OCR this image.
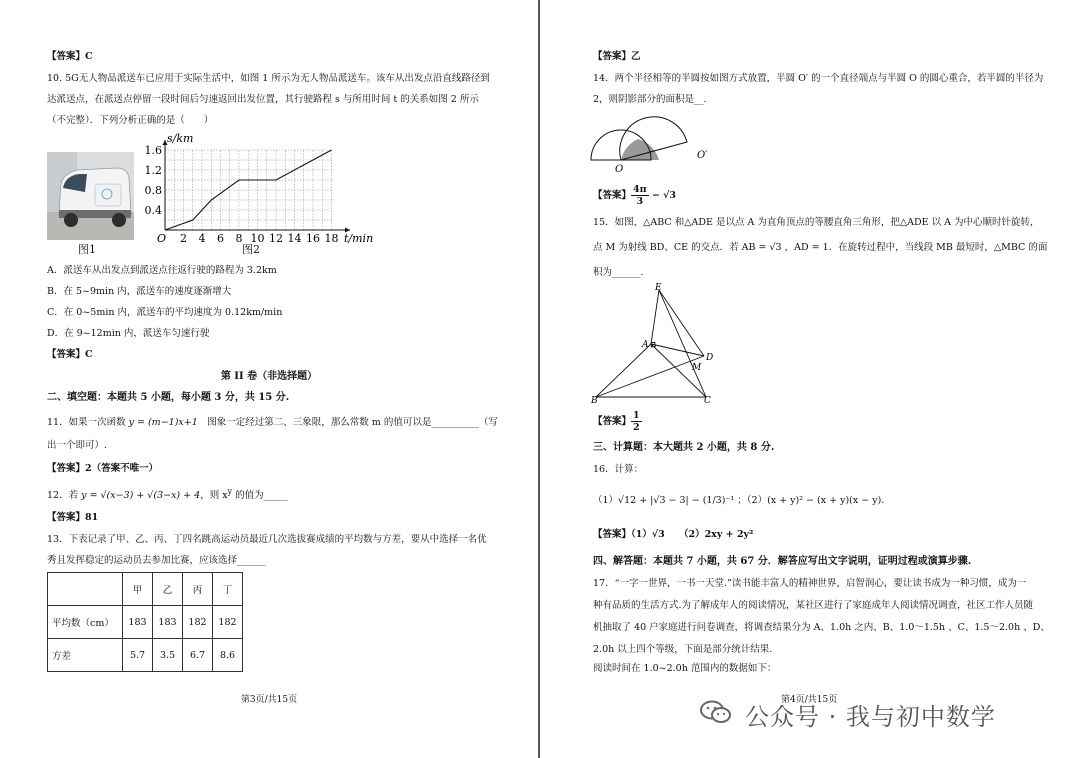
【答案】C
10. 5G无人物品派送车已应用于实际生活中，如图 1 所示为无人物品派送车。该车从出发点沿直线路径到
达派送点，在派送点停留一段时间后匀速返回出发位置，其行驶路程 s 与所用时间 t 的关系如图 2 所示
（不完整）．下列分析正确的是（　　）
图1
2 4 6 8 10 12 14 16 18
0.4
0.8
1.2
1.6
O	t/min
s/km
图2
A．派送车从出发点到派送点往返行驶的路程为 3.2km
B．在 5~9min 内，派送车的速度逐渐增大
C．在 0~5min 内，派送车的平均速度为 0.12km/min
D．在 9~12min 内，派送车匀速行驶
【答案】C
第 II 卷（非选择题）
二、填空题：本题共 5 小题，每小题 3 分，共 15 分.
11．如果一次函数 y = (m−1)x+1　图象一定经过第二、三象限，那么常数 m 的值可以是__________（写
出一个即可）.
【答案】2（答案不唯一）
12．若 y = √(x−3) + √(3−x) + 4，则 $x^y$ 的值为_____
【答案】81
13．下表记录了甲、乙、丙、丁四名跳高运动员最近几次选拔赛成绩的平均数与方差，要从中选择一名优
秀且发挥稳定的运动员去参加比赛，应该选择______
	甲	乙	丙	丁
平均数（cm）	183	183	182	182
方差	5.7	3.5	6.7	8.6
第3页/共15页
【答案】乙
14．两个半径相等的半圆按如图方式放置，半圆 O′ 的一个直径端点与半圆 O 的圆心重合，若半圆的半径为
2，则阴影部分的面积是__.
O
O′
【答案】 $\frac{4\pi}{3} - √3$
15．如图，△ABC 和△ADE 是以点 A 为直角顶点的等腰直角三角形，把△ADE 以 A 为中心顺时针旋转，
点 M 为射线 BD、CE 的交点．若 AB = √3 ，AD = 1．在旋转过程中，当线段 MB 最短时，△MBC 的面
积为______.
E
A
D
M
B	C
【答案】 $\frac{1}{2}$
三、计算题：本大题共 2 小题，共 8 分.
16．计算：
（1）√12 + |√3 − 3| − (1/3)⁻¹ ；（2）(x + y)² − (x + y)(x − y).
【答案】（1）√3　　（2）2xy + 2y²
四、解答题：本题共 7 小题，共 67 分．解答应写出文字说明，证明过程或演算步骤.
17．“一字一世界，一书一天堂.”读书能丰富人的精神世界，启智润心，要让读书成为一种习惯，成为一
种有品质的生活方式.为了解成年人的阅读情况，某社区进行了家庭成年人阅读情况调查，社区工作人员随
机抽取了 40 户家庭进行问卷调查，将调查结果分为 A、1.0h 之内、B、1.0～1.5h 、C、1.5～2.0h 、D、
2.0h 以上四个等级，下面是部分统计结果.
阅读时间在 1.0~2.0h 范围内的数据如下：
第4页/共15页
公众号 · 我与初中数学
